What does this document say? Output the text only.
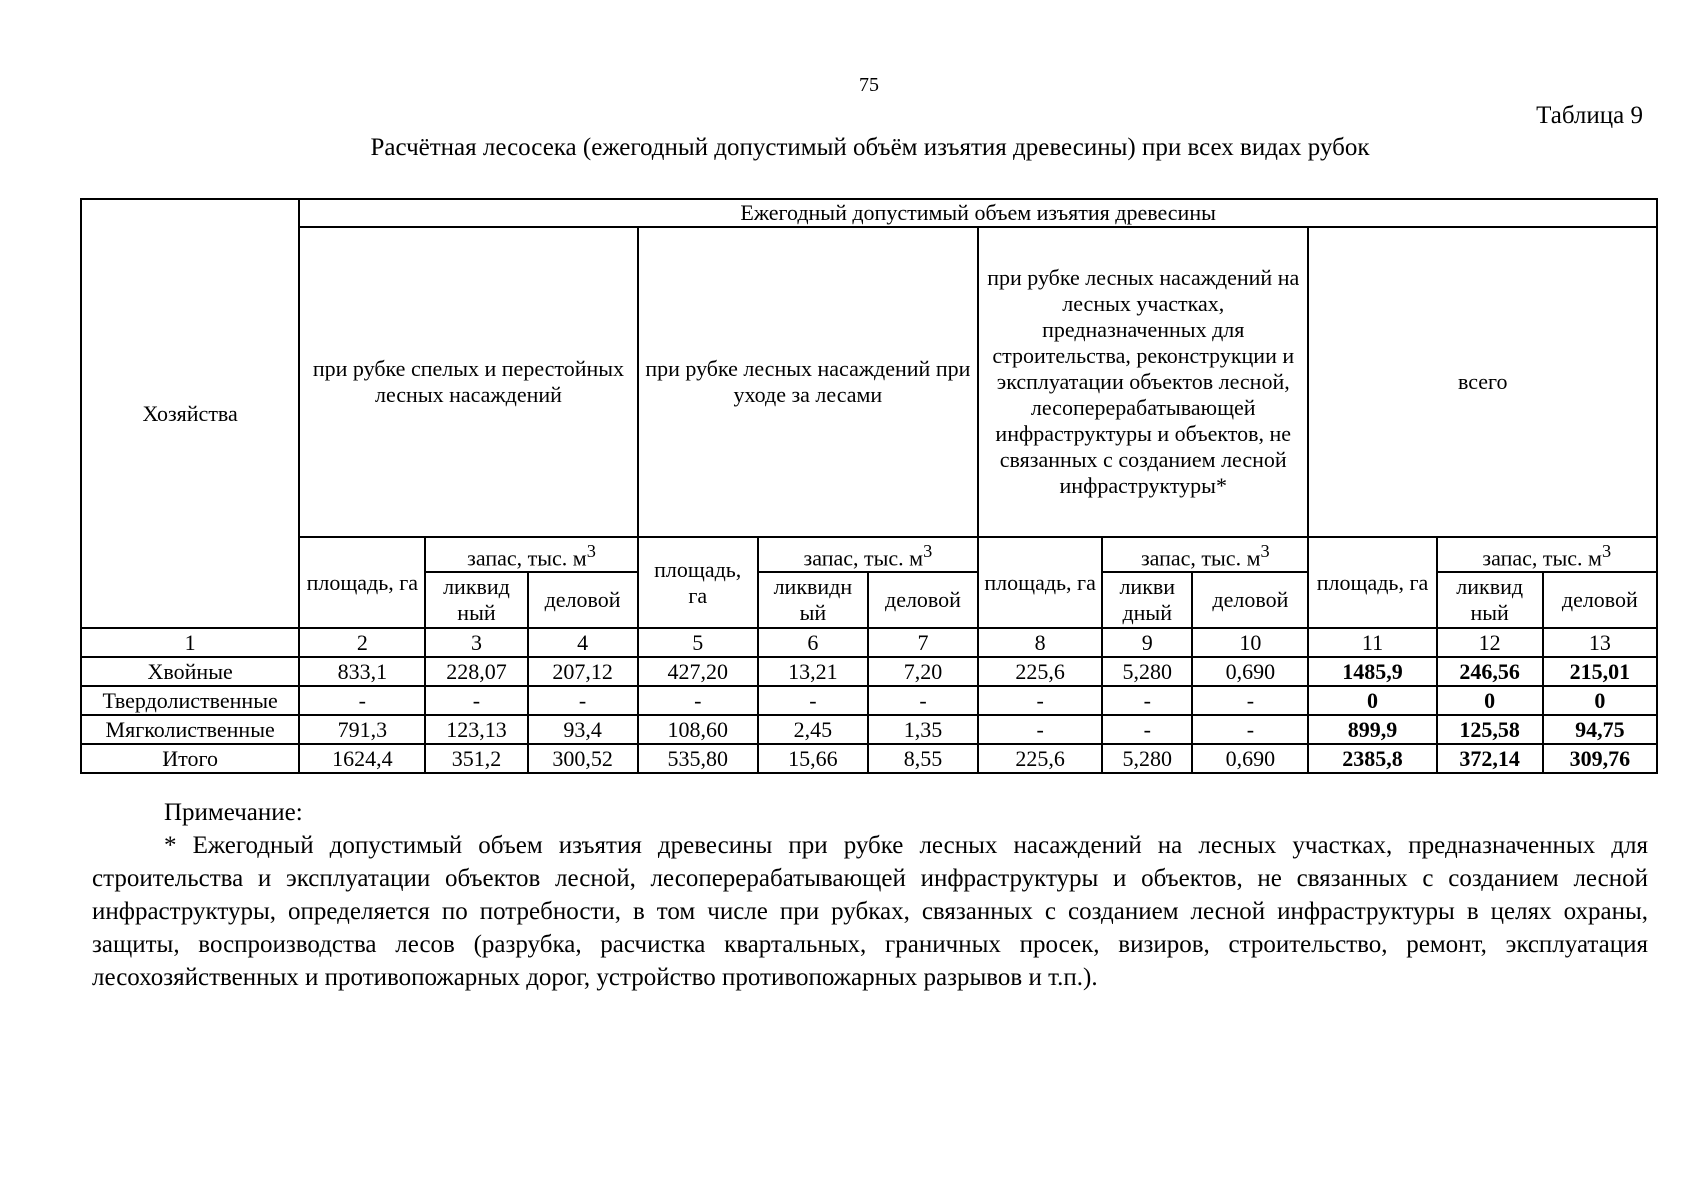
75
Таблица 9
Расчётная лесосека (ежегодный допустимый объём изъятия древесины) при всех видах рубок
Хозяйства	Ежегодный допустимый объем изъятия древесины											
	при рубке спелых и перестойных лесных насаждений			при рубке лесных насаждений при уходе за лесами			при рубке лесных насаждений на лесных участках, предназначенных для строительства, реконструкции и эксплуатации объектов лесной, лесоперерабатывающей инфраструктуры и объектов, не связанных с созданием лесной инфраструктуры*			всего		
	площадь, га	запас, тыс. $м^3$		площадь, га	запас, тыс. $м^3$		площадь, га	запас, тыс. $м^3$		площадь, га	запас, тыс. $м^3$
		ликвид ный	деловой		ликвидн ый	деловой		ликви дный	деловой		ликвид ный	деловой
1	2	3	4	5	6	7	8	9	10	11	12	13
Хвойные	833,1	228,07	207,12	427,20	13,21	7,20	225,6	5,280	0,690	1485,9	246,56	215,01
Твердолиственные	-	-	-	-	-	-	-	-	-	0	0	0
Мягколиственные	791,3	123,13	93,4	108,60	2,45	1,35	-	-	-	899,9	125,58	94,75
Итого	1624,4	351,2	300,52	535,80	15,66	8,55	225,6	5,280	0,690	2385,8	372,14	309,76
Примечание:
* Ежегодный допустимый объем изъятия древесины при рубке лесных насаждений на лесных участках, предназначенных для строительства и эксплуатации объектов лесной, лесоперерабатывающей инфраструктуры и объектов, не связанных с созданием лесной инфраструктуры, определяется по потребности, в том числе при рубках, связанных с созданием лесной инфраструктуры в целях охраны, защиты, воспроизводства лесов (разрубка, расчистка квартальных, граничных просек, визиров, строительство, ремонт, эксплуатация лесохозяйственных и противопожарных дорог, устройство противопожарных разрывов и т.п.).
